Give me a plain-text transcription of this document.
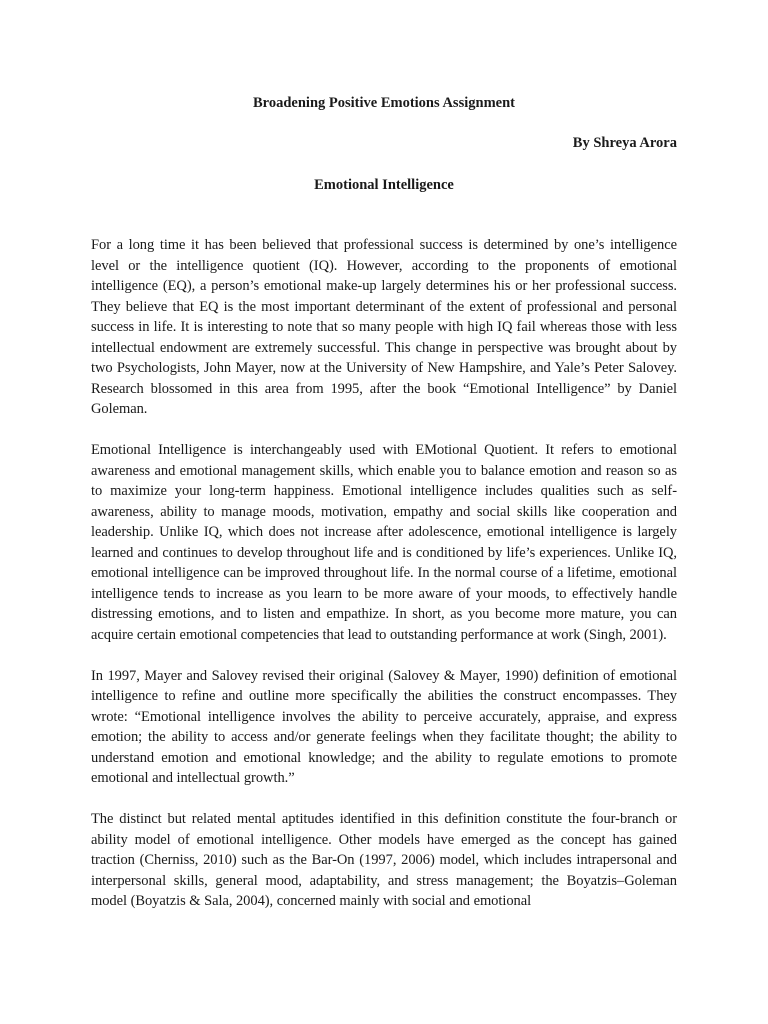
Broadening Positive Emotions Assignment

By Shreya Arora

Emotional Intelligence

For a long time it has been believed that professional success is determined by one’s intelligence level or the intelligence quotient (IQ). However, according to the proponents of emotional intelligence (EQ), a person’s emotional make-up largely determines his or her professional success. They believe that EQ is the most important determinant of the extent of professional and personal success in life. It is interesting to note that so many people with high IQ fail whereas those with less intellectual endowment are extremely successful. This change in perspective was brought about by two Psychologists, John Mayer, now at the University of New Hampshire, and Yale’s Peter Salovey. Research blossomed in this area from 1995, after the book “Emotional Intelligence” by Daniel Goleman.

Emotional Intelligence is interchangeably used with EMotional Quotient. It refers to emotional awareness and emotional management skills, which enable you to balance emotion and reason so as to maximize your long-term happiness. Emotional intelligence includes qualities such as self-awareness, ability to manage moods, motivation, empathy and social skills like cooperation and leadership. Unlike IQ, which does not increase after adolescence, emotional intelligence is largely learned and continues to develop throughout life and is conditioned by life’s experiences. Unlike IQ, emotional intelligence can be improved throughout life. In the normal course of a lifetime, emotional intelligence tends to increase as you learn to be more aware of your moods, to effectively handle distressing emotions, and to listen and empathize. In short, as you become more mature, you can acquire certain emotional competencies that lead to outstanding performance at work (Singh, 2001).

In 1997, Mayer and Salovey revised their original (Salovey & Mayer, 1990) definition of emotional intelligence to refine and outline more specifically the abilities the construct encompasses. They wrote: “Emotional intelligence involves the ability to perceive accurately, appraise, and express emotion; the ability to access and/or generate feelings when they facilitate thought; the ability to understand emotion and emotional knowledge; and the ability to regulate emotions to promote emotional and intellectual growth.”

The distinct but related mental aptitudes identified in this definition constitute the four-branch or ability model of emotional intelligence. Other models have emerged as the concept has gained traction (Cherniss, 2010) such as the Bar-On (1997, 2006) model, which includes intrapersonal and interpersonal skills, general mood, adaptability, and stress management; the Boyatzis–Goleman model (Boyatzis & Sala, 2004), concerned mainly with social and emotional
